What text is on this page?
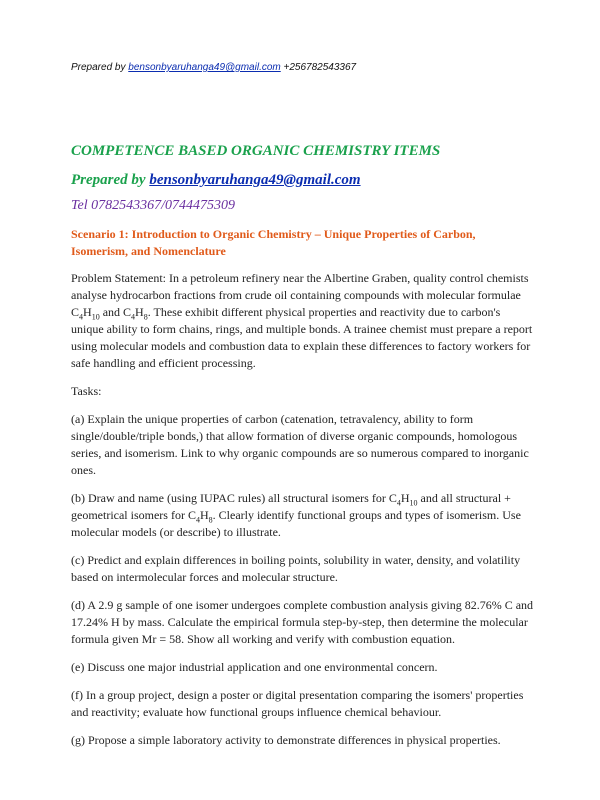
Prepared by bensonbyaruhanga49@gmail.com +256782543367
COMPETENCE BASED ORGANIC CHEMISTRY ITEMS
Prepared by bensonbyaruhanga49@gmail.com
Tel 0782543367/0744475309
Scenario 1: Introduction to Organic Chemistry – Unique Properties of Carbon, Isomerism, and Nomenclature

Problem Statement: In a petroleum refinery near the Albertine Graben, quality control chemists analyse hydrocarbon fractions from crude oil containing compounds with molecular formulae $C_4H_{10}$ and $C_4H_8$. These exhibit different physical properties and reactivity due to carbon's unique ability to form chains, rings, and multiple bonds. A trainee chemist must prepare a report using molecular models and combustion data to explain these differences to factory workers for safe handling and efficient processing.

Tasks:

(a) Explain the unique properties of carbon (catenation, tetravalency, ability to form single/double/triple bonds,) that allow formation of diverse organic compounds, homologous series, and isomerism. Link to why organic compounds are so numerous compared to inorganic ones.

(b) Draw and name (using IUPAC rules) all structural isomers for $C_4H_{10}$ and all structural + geometrical isomers for $C_4H_8$. Clearly identify functional groups and types of isomerism. Use molecular models (or describe) to illustrate.

(c) Predict and explain differences in boiling points, solubility in water, density, and volatility based on intermolecular forces and molecular structure.

(d) A 2.9 g sample of one isomer undergoes complete combustion analysis giving 82.76% C and 17.24% H by mass. Calculate the empirical formula step-by-step, then determine the molecular formula given Mr = 58. Show all working and verify with combustion equation.

(e) Discuss one major industrial application and one environmental concern.

(f) In a group project, design a poster or digital presentation comparing the isomers' properties and reactivity; evaluate how functional groups influence chemical behaviour.

(g) Propose a simple laboratory activity to demonstrate differences in physical properties.
